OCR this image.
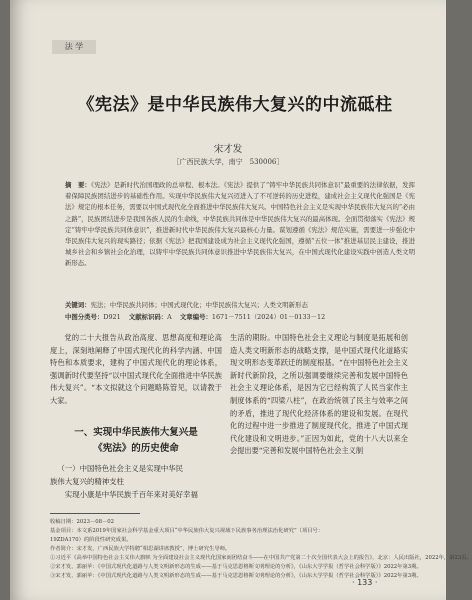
法 学
《宪法》是中华民族伟大复兴的中流砥柱
宋才发
［广西民族大学，南宁　530006］
摘　要：《宪法》是新时代治国理政的总章程、根本法。《宪法》提供了“铸牢中华民族共同体意识”最重要的法律依据，发挥着保障民族团结进步的基础性作用。实现中华民族伟大复兴迈进入了不可逆转的历史进程，建成社会主义现代化强国是《宪法》规定的根本任务，需要以中国式现代化全面推进中华民族伟大复兴。中国特色社会主义是实现中华民族伟大复兴的“必由之路”，民族团结进步是我国各族人民的生命线，中华民族共同体是中华民族伟大复兴的最高体现。全面贯彻落实《宪法》规定“铸牢中华民族共同体意识”，推进新时代中华民族伟大复兴最核心力量。谋划遵循《宪法》规范实施，需要进一步强化中华民族伟大复兴的现实路径；依据《宪法》把我国建设成为社会主义现代化强国，遵循“五位一体”推进基层民主建设，推进城乡社会和乡镇社会化治理，以铸牢中华民族共同体意识推进中华民族伟大复兴，在中国式现代化建设实践中创造人类文明新形态。
关键词：宪法；中华民族共同体；中国式现代化；中华民族伟大复兴；人类文明新形态
中图分类号：D921 文献标识码：A 文章编号：1671－7511（2024）01－0133－12

党的二十大报告从政治高度、思想高度和理论高度上，深刻地阐释了中国式现代化的科学内涵、中国特色和本质要求，建构了中国式现代化的理论体系，强调新时代要坚持“以中国式现代化全面推进中华民族伟大复兴”。“本文拟就这个问题略陈管见，以请教于大家。

一、实现中华民族伟大复兴是
《宪法》的历史使命
（一）中国特色社会主义是实现中华民
族伟大复兴的精神支柱
实现小康是中华民族千百年来对美好幸福

生活的期盼。中国特色社会主义理论与制度是拓展和创造人类文明新形态的战略支撑，是中国式现代化道路实现文明形态变革跃迁的制度根基。“在中国特色社会主义新时代新阶段，之所以强调要继续完善和发展中国特色社会主义理论体系，是因为它已经构筑了人民当家作主制度体系的“四梁八柱”，在政治统领了民主与效率之间的矛盾，推进了现代化经济体系的建设和发展。在现代化的过程中进一步推进了制度现代化，推进了中国式现代化建设和文明进步。”正因为如此，党的十八大以来全会提出要“完善和发展中国特色社会主义制

收稿日期：2023－08－02
基金项目：本文系2019年国家社会科学基金重大项目“中华民族伟大复兴视域下民族事务治理法治化研究”（项目号：
19ZDA170）的阶段性研究成果。
作者简介：宋才发，广西民族大学特聘“相思湖讲席教授”，博士研究生导师。
①习近平《高举中国特色社会主义伟大旗帜 为全面建设社会主义现代化国家而团结奋斗——在中国共产党第二十次全国代表大会上的报告》，北京：人民出版社，2022年，第23页。
②宋才发、郭丽苹：《中国式现代化道路与人类文明新形态的生成——基于马克思恩格斯文明理论的分析》，《山东大学学报（哲学社会科学版）》2022年第3期。
③宋才发、郭丽苹：《中国式现代化道路与人类文明新形态的生成——基于马克思恩格斯文明理论的分析》，《山东大学学报（哲学社会科学版）》2022年第3期。
· 133 ·
